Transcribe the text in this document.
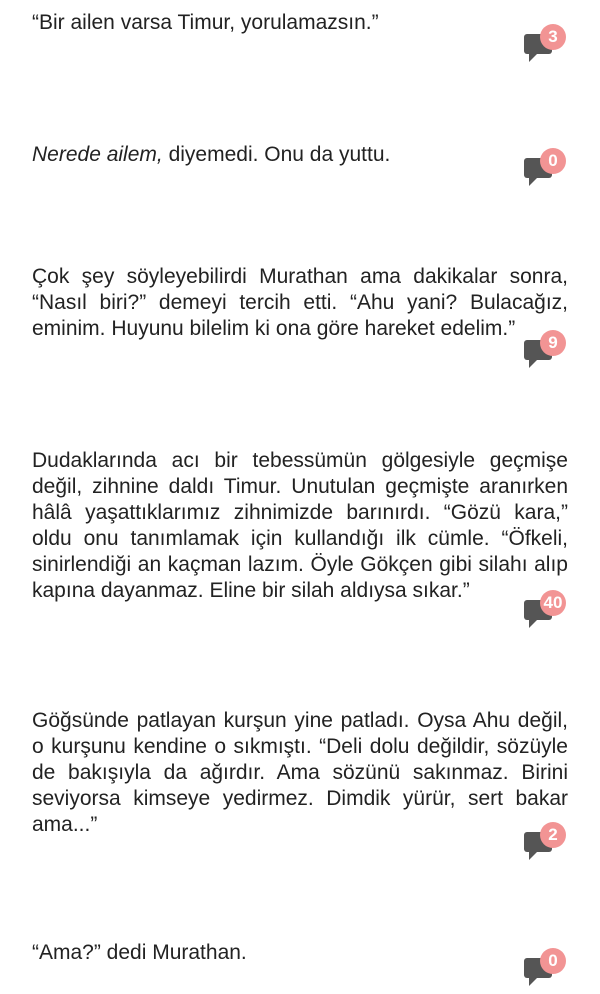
“Bir ailen varsa Timur, yorulamazsın.”

3

Nerede ailem, diyemedi. Onu da yuttu.	0

Çok şey söyleyebilirdi Murathan ama dakikalar sonra, “Nasıl biri?” demeyi tercih etti. “Ahu yani? Bulacağız, eminim. Huyunu bilelim ki ona göre hareket edelim.”

9

Dudaklarında acı bir tebessümün gölgesiyle geçmişe değil, zihnine daldı Timur. Unutulan geçmişte aranırken hâlâ yaşattıklarımız zihnimizde barınırdı. “Gözü kara,” oldu onu tanımlamak için kullandığı ilk cümle. “Öfkeli, sinirlendiği an kaçman lazım. Öyle Gökçen gibi silahı alıp kapına dayanmaz. Eline bir silah aldıysa sıkar.”

40

Göğsünde patlayan kurşun yine patladı. Oysa Ahu değil, o kurşunu kendine o sıkmıştı. “Deli dolu değildir, sözüyle de bakışıyla da ağırdır. Ama sözünü sakınmaz. Birini seviyorsa kimseye yedirmez. Dimdik yürür, sert bakar ama...”	2

“Ama?” dedi Murathan.	0
